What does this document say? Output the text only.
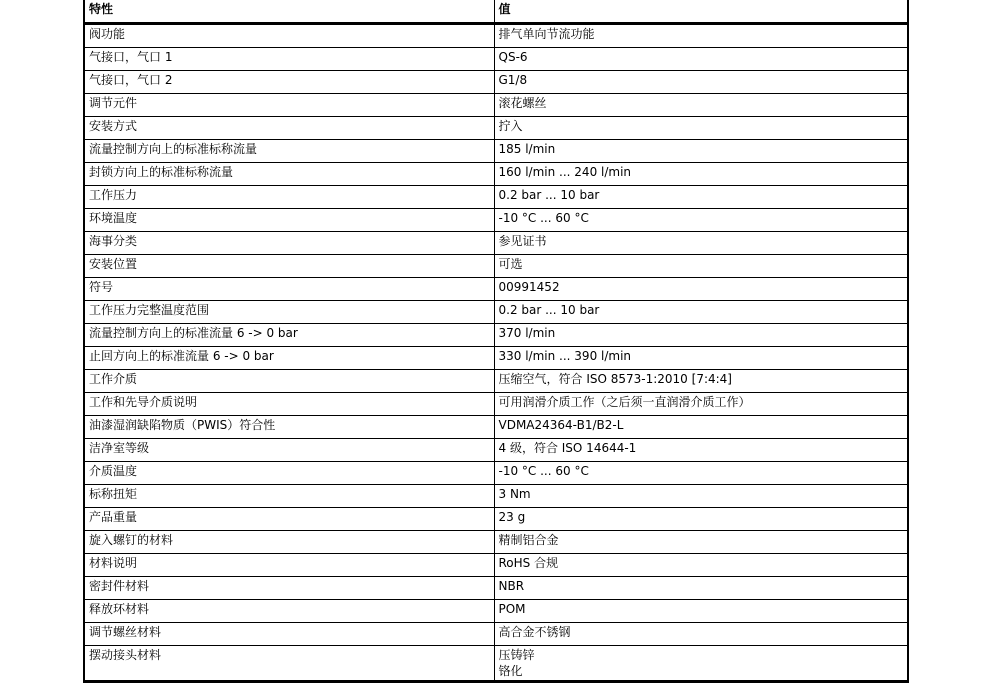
特性	值
阀功能	排气单向节流功能

气接口，气口 1	QS-6

气接口，气口 2	G1/8

调节元件	滚花螺丝

安装方式	拧入

流量控制方向上的标准标称流量	185 l/min

封锁方向上的标准标称流量	160 l/min ... 240 l/min

工作压力	0.2 bar ... 10 bar

环境温度	-10 °C ... 60 °C

海事分类	参见证书

安装位置	可选

符号	00991452

工作压力完整温度范围	0.2 bar ... 10 bar

流量控制方向上的标准流量 6 -> 0 bar	370 l/min

止回方向上的标准流量 6 -> 0 bar	330 l/min ... 390 l/min

工作介质	压缩空气，符合 ISO 8573-1:2010 [7:4:4]

工作和先导介质说明	可用润滑介质工作（之后须一直润滑介质工作）

油漆湿润缺陷物质（PWIS）符合性	VDMA24364-B1/B2-L

洁净室等级	4 级，符合 ISO 14644-1

介质温度	-10 °C ... 60 °C

标称扭矩	3 Nm

产品重量	23 g

旋入螺钉的材料	精制铝合金

材料说明	RoHS 合规

密封件材料	NBR

释放环材料	POM

调节螺丝材料	高合金不锈钢

摆动接头材料	压铸锌
铬化
